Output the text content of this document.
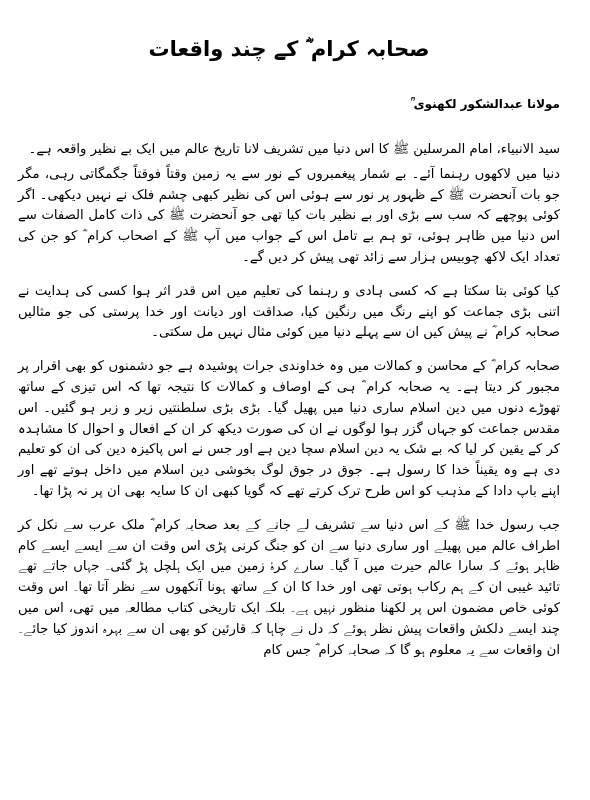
صحابہ کرام ؓ کے چند واقعات
مولانا عبدالشکور لکھنوی ؒ

سید الانبیاء، امام المرسلین ﷺ کا اس دنیا میں تشریف لانا تاریخ عالم میں ایک بے نظیر واقعہ ہے۔

دنیا میں لاکھوں رہنما آئے۔ بے شمار پیغمبروں کے نور سے یہ زمین وقتاً فوقتاً جگمگاتی رہی، مگر جو بات آنحضرت ﷺ کے ظہور پر نور سے ہوئی اس کی نظیر کبھی چشم فلک نے نہیں دیکھی۔ اگر کوئی پوچھے کہ سب سے بڑی اور بے نظیر بات کیا تھی جو آنحضرت ﷺ کی ذات کامل الصفات سے اس دنیا میں ظاہر ہوئی، تو ہم بے تامل اس کے جواب میں آپ ﷺ کے اصحاب کرام ؓ کو جن کی تعداد ایک لاکھ چوبیس ہزار سے زائد تھی پیش کر دیں گے۔

کیا کوئی بتا سکتا ہے کہ کسی ہادی و رہنما کی تعلیم میں اس قدر اثر ہوا کسی کی ہدایت نے اتنی بڑی جماعت کو اپنے رنگ میں رنگین کیا، صداقت اور دیانت اور خدا پرستی کی جو مثالیں صحابہ کرام ؓ نے پیش کیں ان سے پہلے دنیا میں کوئی مثال نہیں مل سکتی۔

صحابہ کرام ؓ کے محاسن و کمالات میں وہ خداوندی جرات پوشیدہ ہے جو دشمنوں کو بھی اقرار پر مجبور کر دیتا ہے۔ یہ صحابہ کرام ؓ ہی کے اوصاف و کمالات کا نتیجہ تھا کہ اس تیزی کے ساتھ تھوڑے دنوں میں دین اسلام ساری دنیا میں پھیل گیا۔ بڑی بڑی سلطنتیں زیر و زبر ہو گئیں۔ اس مقدس جماعت کو جہاں گزر ہوا لوگوں نے ان کی صورت دیکھ کر ان کے افعال و احوال کا مشاہدہ کر کے یقین کر لیا کہ بے شک یہ دین اسلام سچا دین ہے اور جس نے اس پاکیزہ دین کی ان کو تعلیم دی ہے وہ یقیناً خدا کا رسول ہے۔ جوق در جوق لوگ بخوشی دین اسلام میں داخل ہوتے تھے اور اپنے باپ دادا کے مذہب کو اس طرح ترک کرتے تھے کہ گویا کبھی ان کا سایہ بھی ان پر نہ پڑا تھا۔

جب رسول خدا ﷺ کے اس دنیا سے تشریف لے جانے کے بعد صحابہ کرام ؓ ملک عرب سے نکل کر اطراف عالم میں پھیلے اور ساری دنیا سے ان کو جنگ کرنی پڑی اس وقت ان سے ایسے ایسے کام ظاہر ہوئے کہ سارا عالم حیرت میں آ گیا۔ سارے کرۂ زمین میں ایک ہلچل پڑ گئی۔ جہاں جاتے تھے تائید غیبی ان کے ہم رکاب ہوتی تھی اور خدا کا ان کے ساتھ ہونا آنکھوں سے نظر آتا تھا۔ اس وقت کوئی خاص مضمون اس پر لکھنا منظور نہیں ہے۔ بلکہ ایک تاریخی کتاب مطالعہ میں تھی، اس میں چند ایسے دلکش واقعات پیش نظر ہوئے کہ دل نے چاہا کہ قارئین کو بھی ان سے بہرہ اندوز کیا جائے۔ ان واقعات سے یہ معلوم ہو گا کہ صحابہ کرام ؓ جس کام
